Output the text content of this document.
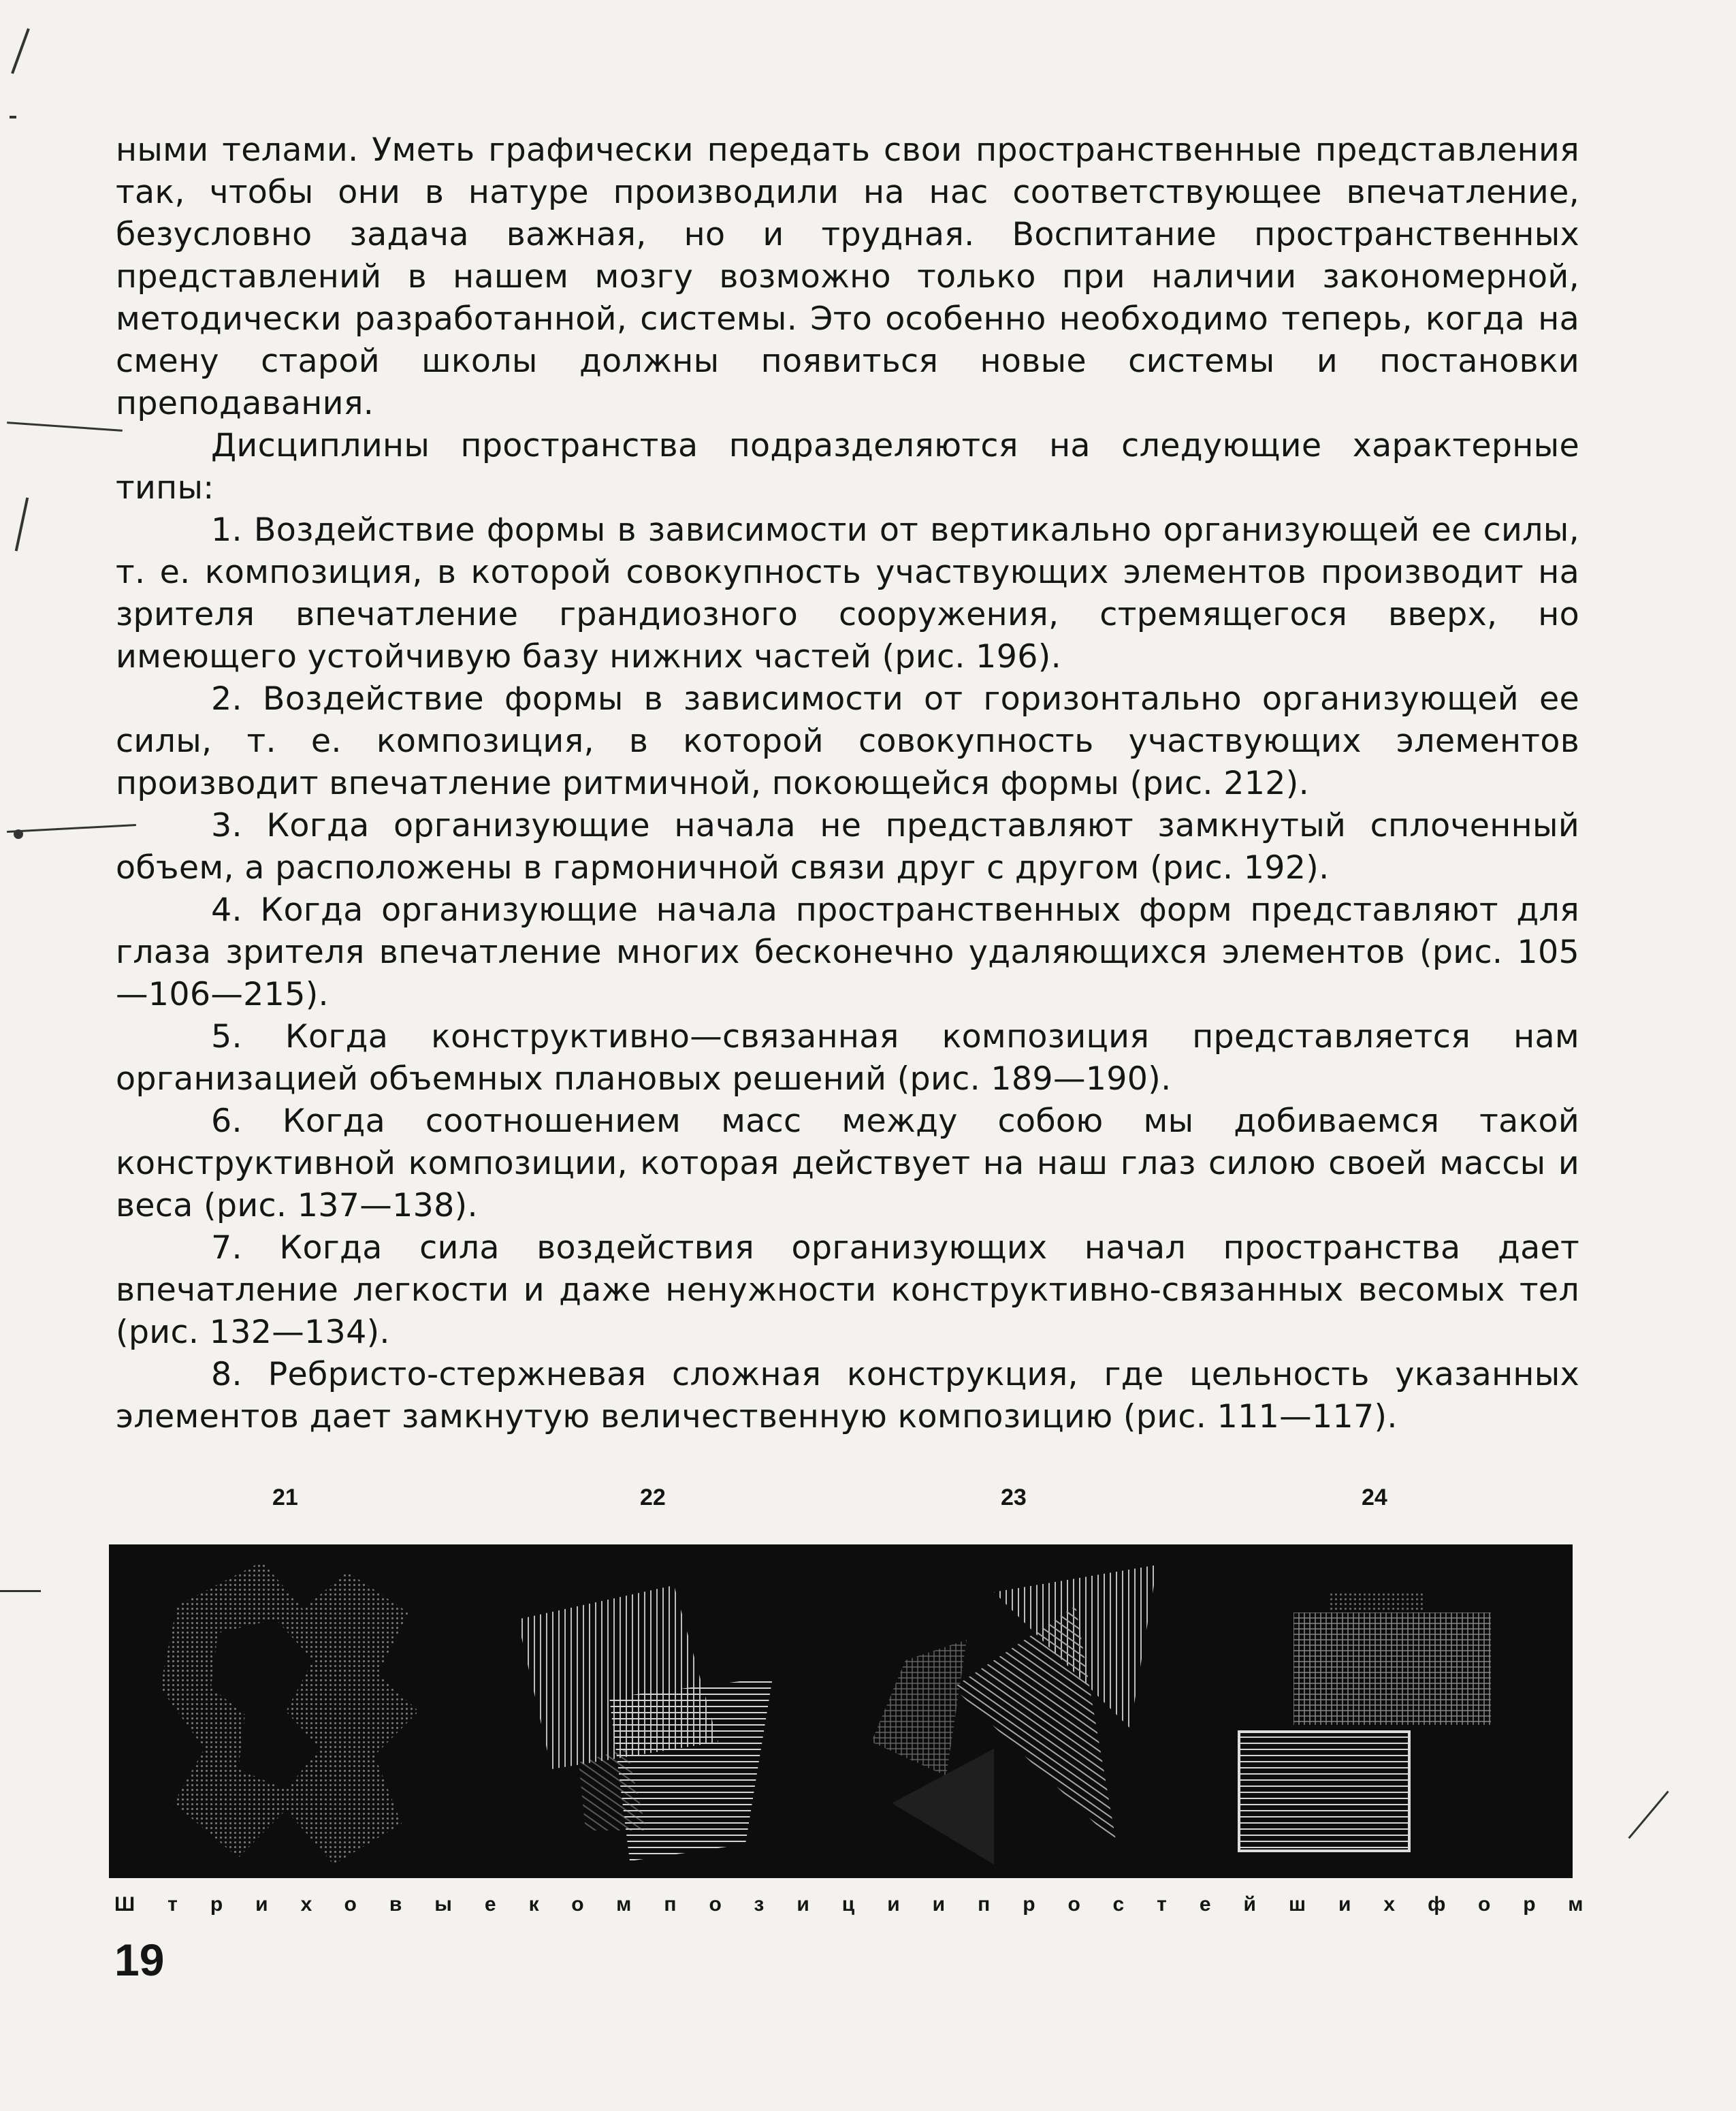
ными телами. Уметь графически передать свои пространственные представления так, чтобы они в натуре производили на нас соответствующее впечатление, безусловно задача важная, но и трудная. Воспитание пространственных представлений в нашем мозгу возможно только при наличии закономерной, методически разработанной, системы. Это особенно необходимо теперь, когда на смену старой школы должны появиться новые системы и постановки преподавания.

Дисциплины пространства подразделяются на следующие характерные типы:

1. Воздействие формы в зависимости от вертикально организующей ее силы, т. е. композиция, в которой совокупность участвующих элементов производит на зрителя впечатление грандиозного сооружения, стремящегося вверх, но имеющего устойчивую базу нижних частей (рис. 196).

2. Воздействие формы в зависимости от горизонтально организующей ее силы, т. е. композиция, в которой совокупность участвующих элементов производит впечатление ритмичной, покоющейся формы (рис. 212).

3. Когда организующие начала не представляют замкнутый сплоченный объем, а расположены в гармоничной связи друг с другом (рис. 192).

4. Когда организующие начала пространственных форм представляют для глаза зрителя впечатление многих бесконечно удаляющихся элементов (рис. 105—106—215).

5. Когда конструктивно—связанная композиция представляется нам организацией объемных плановых решений (рис. 189—190).

6. Когда соотношением масс между собою мы добиваемся такой конструктивной композиции, которая действует на наш глаз силою своей массы и веса (рис. 137—138).

7. Когда сила воздействия организующих начал пространства дает впечатление легкости и даже ненужности конструктивно-связанных весомых тел (рис. 132—134).

8. Ребристо-стержневая сложная конструкция, где цельность указанных элементов дает замкнутую величественную композицию (рис. 111—117).

21	22	23	24
Штриховые композиции простейших форм
19
